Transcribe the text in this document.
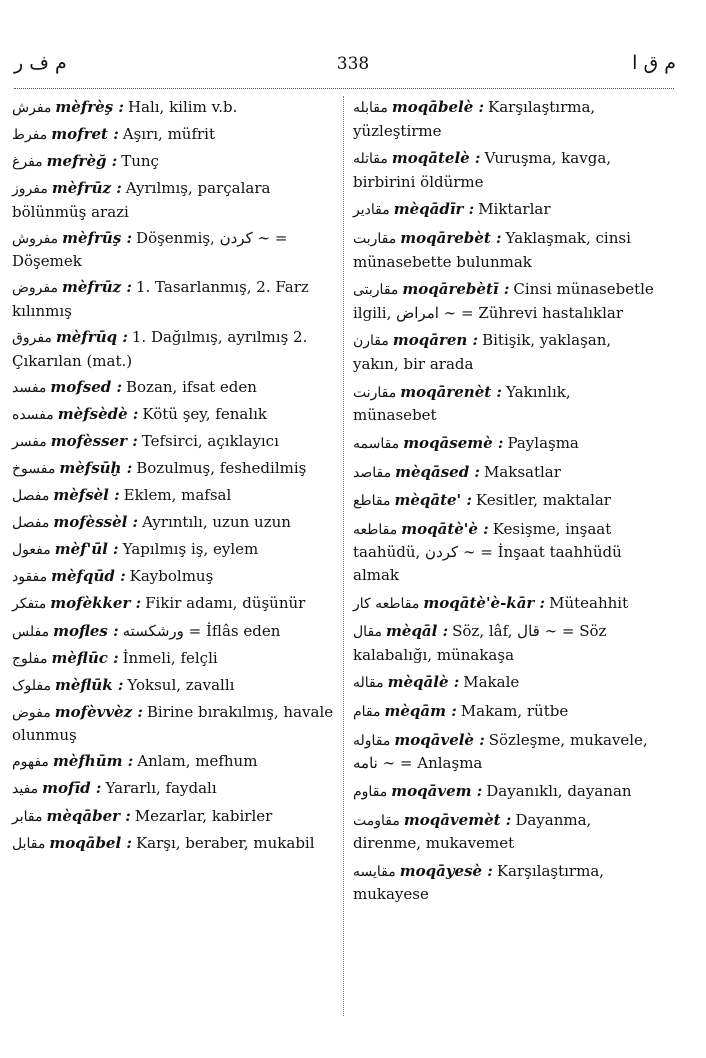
م ف ر	338	م ق ا
مفرش mèfrèş : Halı, kilim v.b.
مفرط mofret : Aşırı, müfrit
مفرغ mefrèğ : Tunç
مفروز mèfrūz : Ayrılmış, parçalara bölünmüş arazi
مفروش mèfrūş : Döşenmiş, کردن ∼ = Döşemek
مفروض mèfrūz : 1. Tasarlanmış, 2. Farz kılınmış
مفروق mèfrūq : 1. Dağılmış, ayrılmış 2. Çıkarılan (mat.)
مفسد mofsed : Bozan, ifsat eden
مفسده mèfsèdè : Kötü şey, fenalık
مفسر mofèsser : Tefsirci, açıklayıcı
مفسوخ mèfsūḫ : Bozulmuş, feshedilmiş
مفصل mèfsèl : Eklem, mafsal
مفصل mofèssèl : Ayrıntılı, uzun uzun
مفعول mèf'ūl : Yapılmış iş, eylem
مفقود mèfqūd : Kaybolmuş
متفکر mofèkker : Fikir adamı, düşünür
مفلس mofles : ورشکسته = İflâs eden
مفلوج mèflūc : İnmeli, felçli
مفلوک mèflūk : Yoksul, zavallı
مفوض mofèvvèz : Birine bırakılmış, havale olunmuş
مفهوم mèfhūm : Anlam, mefhum
مفید mofīd : Yararlı, faydalı
مقابر mèqāber : Mezarlar, kabirler
مقابل moqābel : Karşı, beraber, mukabil
مقابله moqābelè : Karşılaştırma, yüzleştirme
مقاتله moqātelè : Vuruşma, kavga, birbirini öldürme
مقادیر mèqādīr : Miktarlar
مقاربت moqārebèt : Yaklaşmak, cinsi münasebette bulunmak
مقاربتی moqārebètī : Cinsi münasebetle ilgili, امراض ∼ = Zührevi hastalıklar
مقارن moqāren : Bitişik, yaklaşan, yakın, bir arada
مقارنت moqārenèt : Yakınlık, münasebet
مقاسمه moqāsemè : Paylaşma
مقاصد mèqāsed : Maksatlar
مقاطع mèqāte' : Kesitler, maktalar
مقاطعه moqātè'è : Kesişme, inşaat taahüdü, کردن ∼ = İnşaat taahhüdü almak
مقاطعه کار moqātè'è-kār : Müteahhit
مقال mèqāl : Söz, lâf, قال ∼ = Söz kalabalığı, münakaşa
مقاله mèqālè : Makale
مقام mèqām : Makam, rütbe
مقاوله moqāvelè : Sözleşme, mukavele, نامه ∼ = Anlaşma
مقاوم moqāvem : Dayanıklı, dayanan
مقاومت moqāvemèt : Dayanma, direnme, mukavemet
مقایسه moqāyesè : Karşılaştırma, mukayese
